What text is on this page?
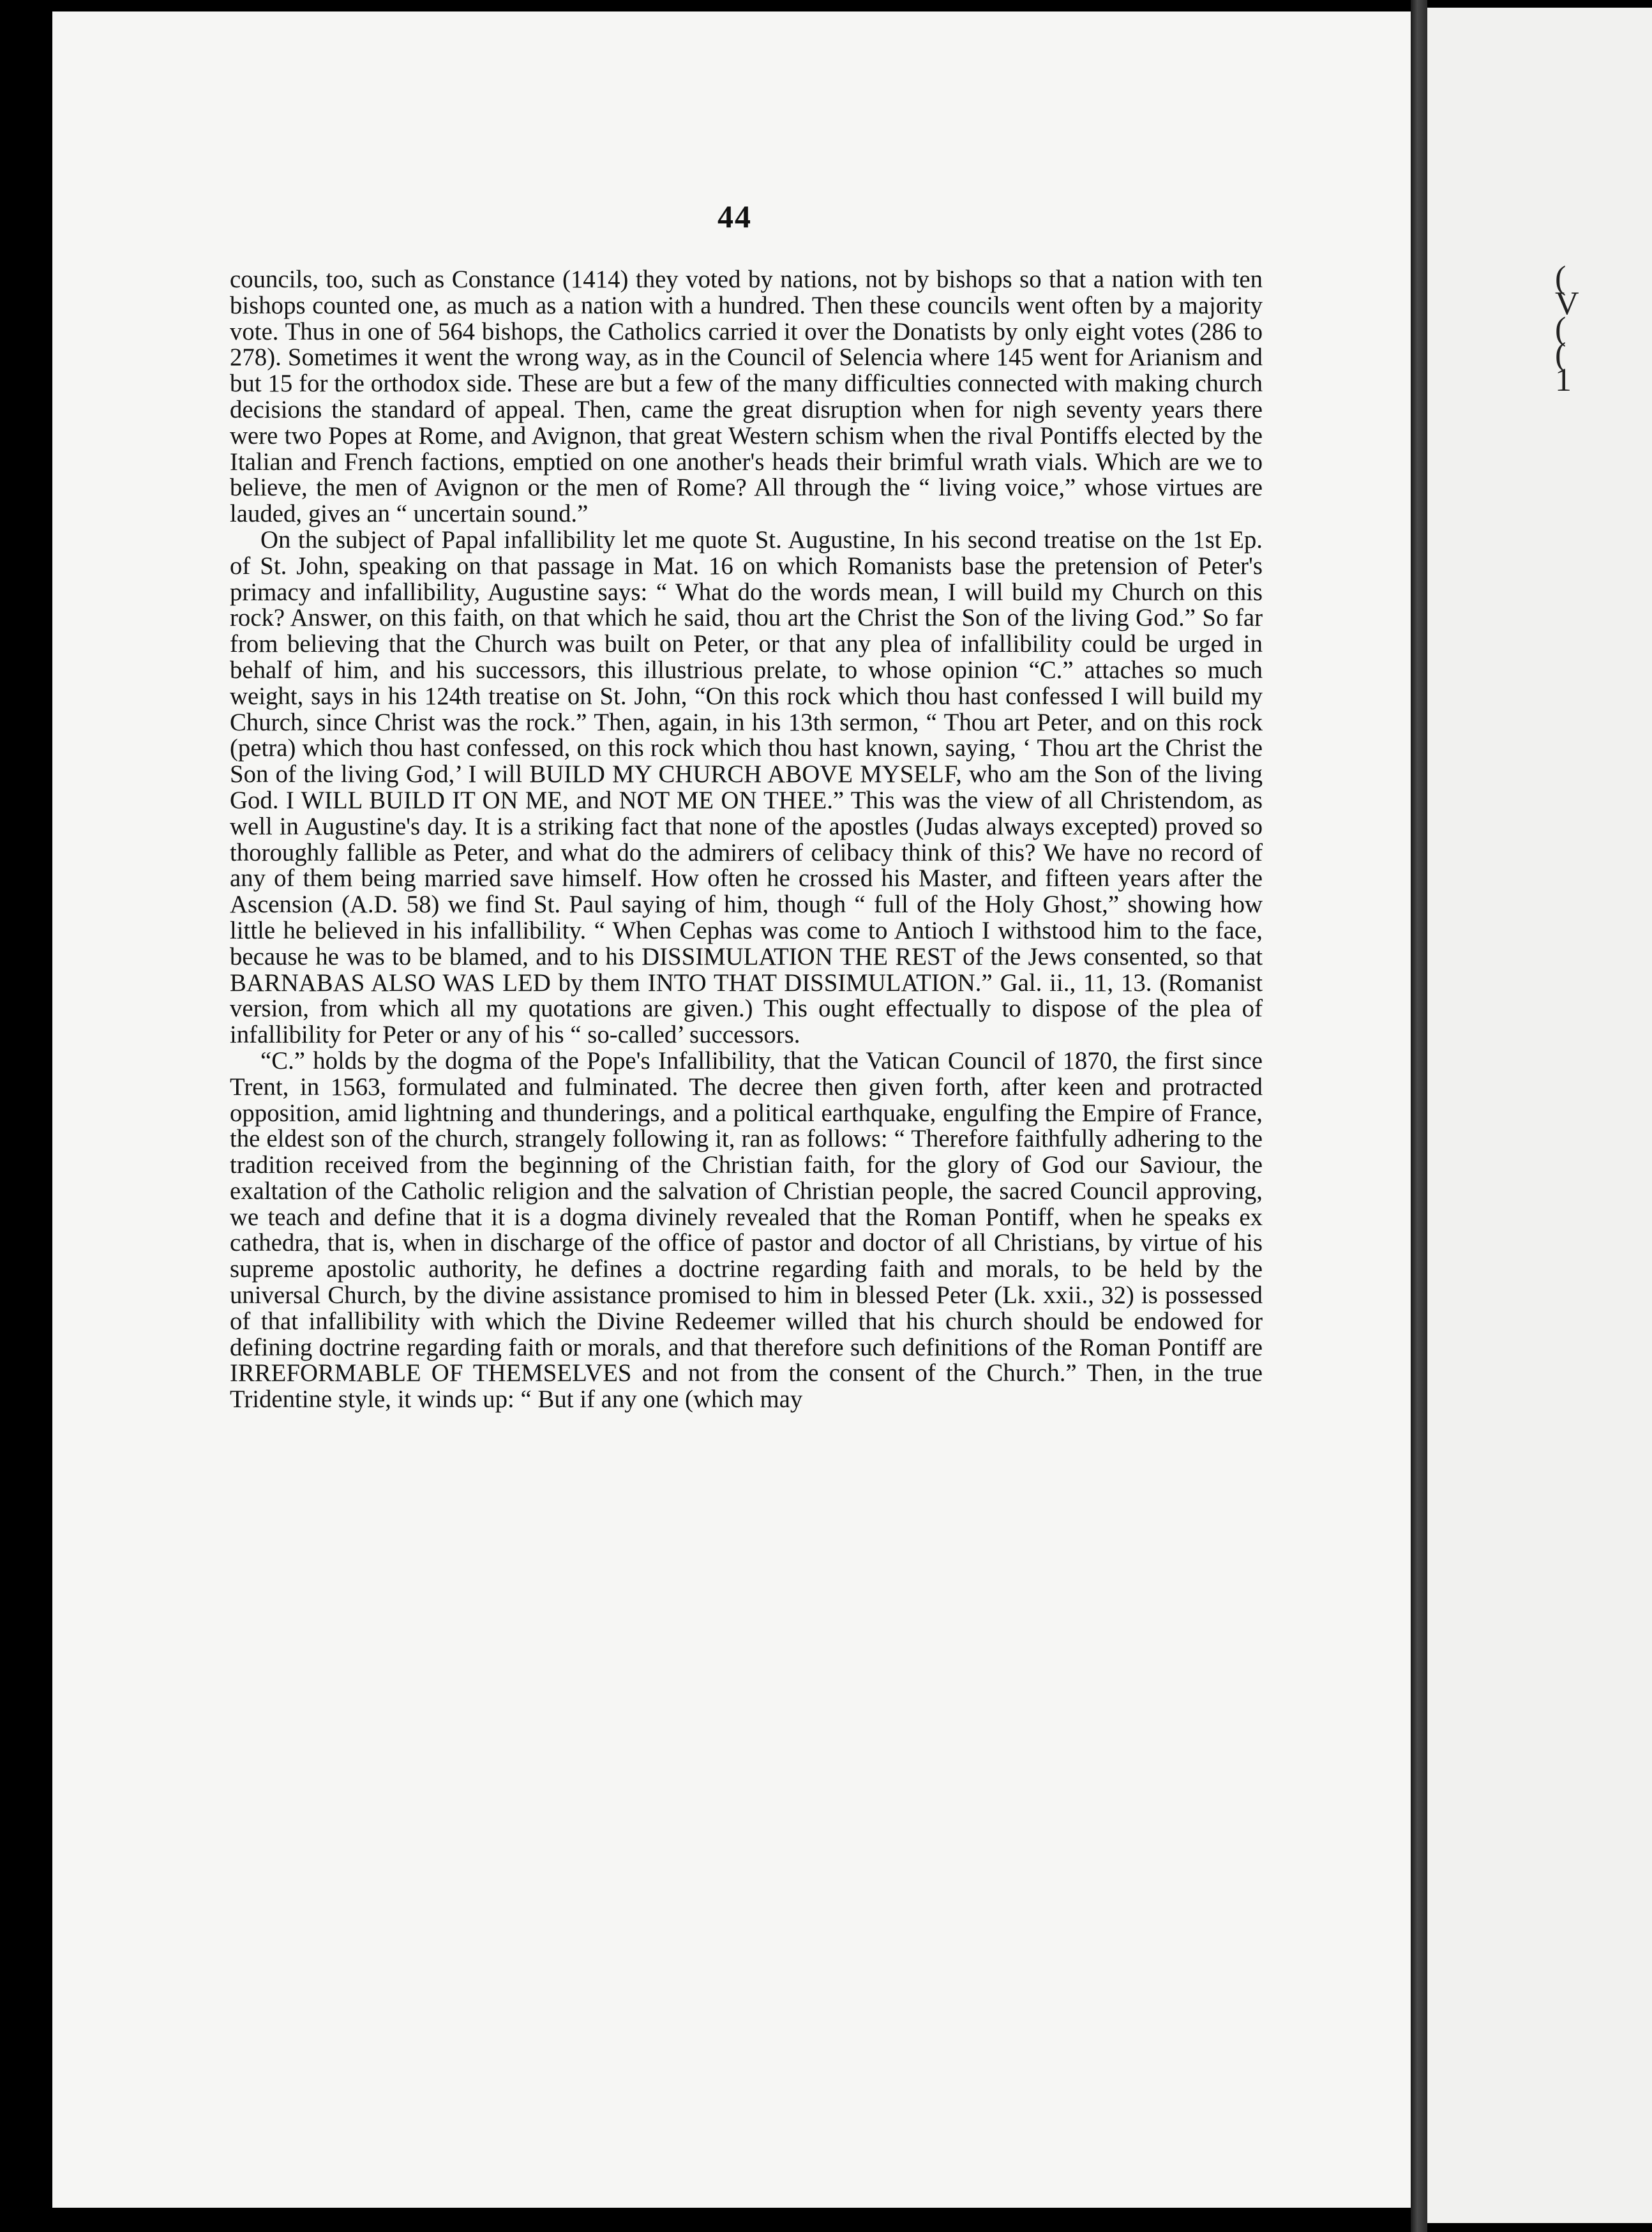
44

councils, too, such as Constance (1414) they voted by nations, not by bishops so that a nation with ten bishops counted one, as much as a nation with a hundred. Then these councils went often by a majority vote. Thus in one of 564 bishops, the Catholics carried it over the Donatists by only eight votes (286 to 278). Sometimes it went the wrong way, as in the Council of Selencia where 145 went for Arianism and but 15 for the orthodox side. These are but a few of the many difficulties connected with making church decisions the standard of appeal. Then, came the great disruption when for nigh seventy years there were two Popes at Rome, and Avignon, that great Western schism when the rival Pontiffs elected by the Italian and French factions, emptied on one another's heads their brimful wrath vials. Which are we to believe, the men of Avignon or the men of Rome? All through the “ living voice,” whose virtues are lauded, gives an “ uncertain sound.”

On the subject of Papal infallibility let me quote St. Augustine, In his second treatise on the 1st Ep. of St. John, speaking on that passage in Mat. 16 on which Romanists base the pretension of Peter's primacy and infallibility, Augustine says: “ What do the words mean, I will build my Church on this rock? Answer, on this faith, on that which he said, thou art the Christ the Son of the living God.” So far from believing that the Church was built on Peter, or that any plea of infallibility could be urged in behalf of him, and his successors, this illustrious prelate, to whose opinion “C.” attaches so much weight, says in his 124th treatise on St. John, “On this rock which thou hast confessed I will build my Church, since Christ was the rock.” Then, again, in his 13th sermon, “ Thou art Peter, and on this rock (petra) which thou hast confessed, on this rock which thou hast known, saying, ‘ Thou art the Christ the Son of the living God,’ I will BUILD MY CHURCH ABOVE MYSELF, who am the Son of the living God. I WILL BUILD IT ON ME, and NOT ME ON THEE.” This was the view of all Christendom, as well in Augustine's day. It is a striking fact that none of the apostles (Judas always excepted) proved so thoroughly fallible as Peter, and what do the admirers of celibacy think of this? We have no record of any of them being married save himself. How often he crossed his Master, and fifteen years after the Ascension (A.D. 58) we find St. Paul saying of him, though “ full of the Holy Ghost,” showing how little he believed in his infallibility. “ When Cephas was come to Antioch I withstood him to the face, because he was to be blamed, and to his DISSIMULATION THE REST of the Jews consented, so that BARNABAS ALSO WAS LED by them INTO THAT DISSIMULATION.” Gal. ii., 11, 13. (Romanist version, from which all my quotations are given.) This ought effectually to dispose of the plea of infallibility for Peter or any of his “ so-called’ successors.

“C.” holds by the dogma of the Pope's Infallibility, that the Vatican Council of 1870, the first since Trent, in 1563, formulated and fulminated. The decree then given forth, after keen and protracted opposition, amid lightning and thunderings, and a political earthquake, engulfing the Empire of France, the eldest son of the church, strangely following it, ran as follows: “ Therefore faithfully adhering to the tradition received from the beginning of the Christian faith, for the glory of God our Saviour, the exaltation of the Catholic religion and the salvation of Christian people, the sacred Council approving, we teach and define that it is a dogma divinely revealed that the Roman Pontiff, when he speaks ex cathedra, that is, when in discharge of the office of pastor and doctor of all Christians, by virtue of his supreme apostolic authority, he defines a doctrine regarding faith and morals, to be held by the universal Church, by the divine assistance promised to him in blessed Peter (Lk. xxii., 32) is possessed of that infallibility with which the Divine Redeemer willed that his church should be endowed for defining doctrine regarding faith or morals, and that therefore such definitions of the Roman Pontiff are IRREFORMABLE OF THEMSELVES and not from the consent of the Church.” Then, in the true Tridentine style, it winds up: “ But if any one (which may

(
V
(
(
1
